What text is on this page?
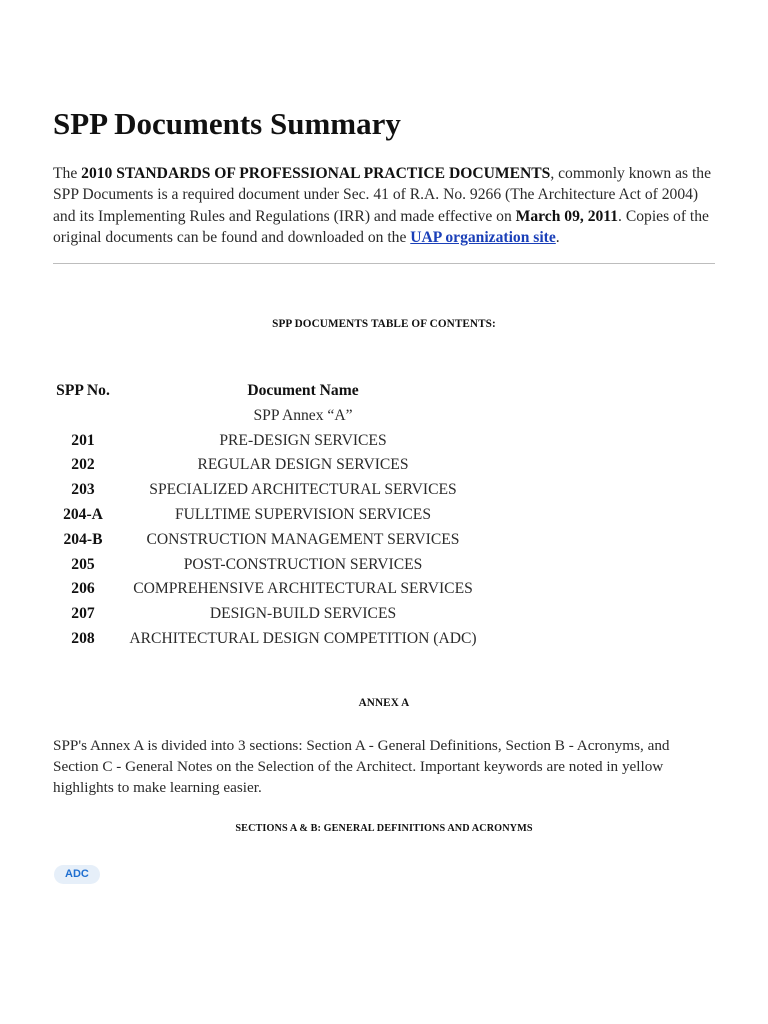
SPP Documents Summary

The 2010 STANDARDS OF PROFESSIONAL PRACTICE DOCUMENTS, commonly known as the SPP Documents is a required document under Sec. 41 of R.A. No. 9266 (The Architecture Act of 2004) and its Implementing Rules and Regulations (IRR) and made effective on March 09, 2011. Copies of the original documents can be found and downloaded on the UAP organization site.

SPP DOCUMENTS TABLE OF CONTENTS:

SPP No.	Document Name
	SPP Annex “A”
201	PRE-DESIGN SERVICES
202	REGULAR DESIGN SERVICES
203	SPECIALIZED ARCHITECTURAL SERVICES
204-A	FULLTIME SUPERVISION SERVICES
204-B	CONSTRUCTION MANAGEMENT SERVICES
205	POST-CONSTRUCTION SERVICES
206	COMPREHENSIVE ARCHITECTURAL SERVICES
207	DESIGN-BUILD SERVICES
208	ARCHITECTURAL DESIGN COMPETITION (ADC)

ANNEX A

SPP's Annex A is divided into 3 sections: Section A - General Definitions, Section B - Acronyms, and Section C - General Notes on the Selection of the Architect. Important keywords are noted in yellow highlights to make learning easier.

SECTIONS A & B: GENERAL DEFINITIONS AND ACRONYMS

ADC
